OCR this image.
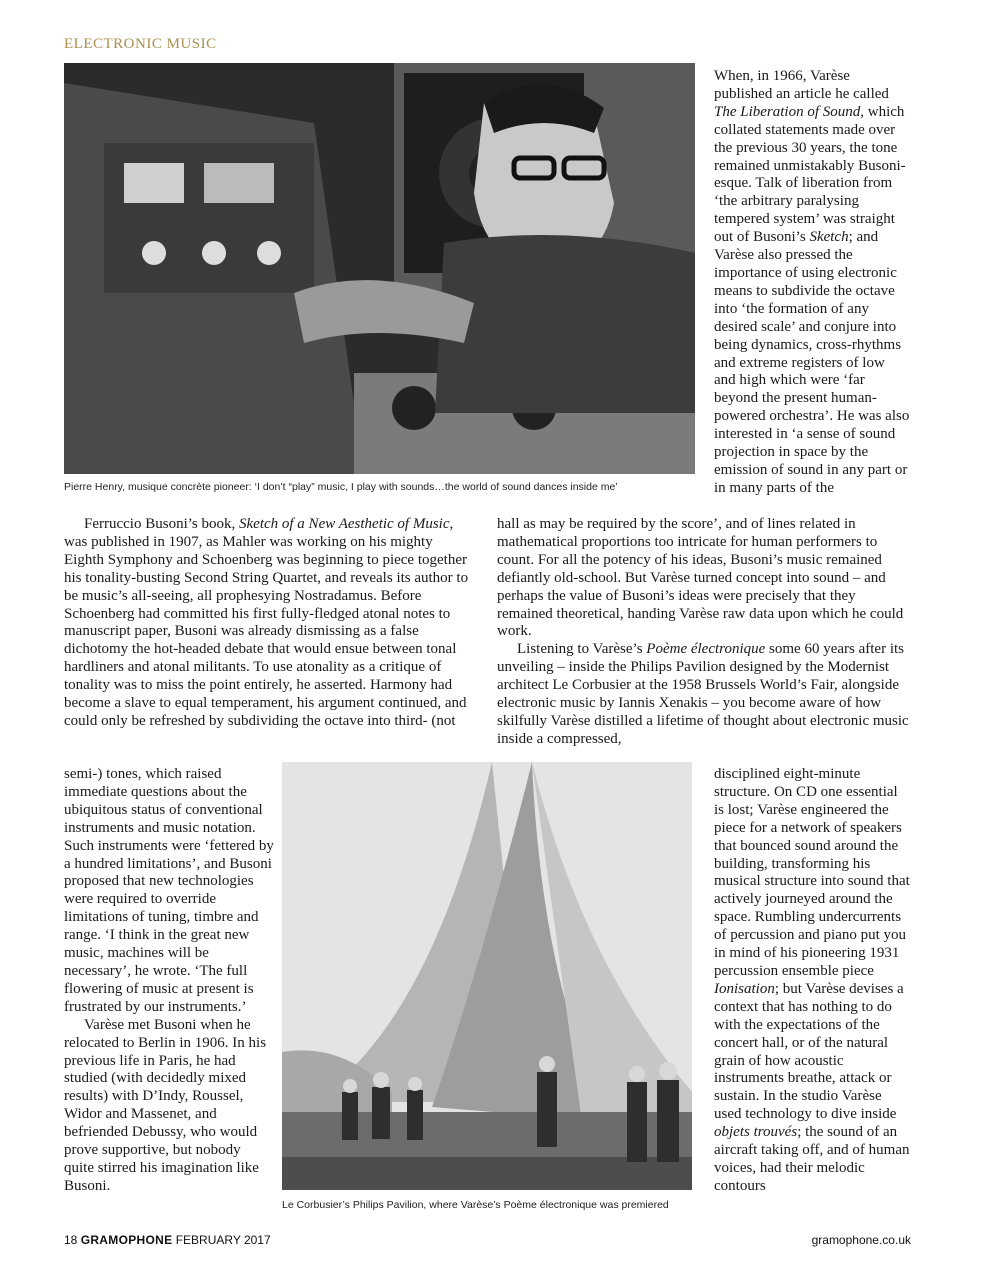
ELECTRONIC MUSIC
Pierre Henry, musique concrète pioneer: ‘I don’t “play” music, I play with sounds…the world of sound dances inside me’

When, in 1966, Varèse published an article he called The Liberation of Sound, which collated statements made over the previous 30 years, the tone remained unmistakably Busoni-esque. Talk of liberation from ‘the arbitrary paralysing tempered system’ was straight out of Busoni’s Sketch; and Varèse also pressed the importance of using electronic means to subdivide the octave into ‘the formation of any desired scale’ and conjure into being dynamics, cross-rhythms and extreme registers of low and high which were ‘far beyond the present human-powered orchestra’. He was also interested in ‘a sense of sound projection in space by the emission of sound in any part or in many parts of the

Ferruccio Busoni’s book, Sketch of a New Aesthetic of Music, was published in 1907, as Mahler was working on his mighty Eighth Symphony and Schoenberg was beginning to piece together his tonality-busting Second String Quartet, and reveals its author to be music’s all-seeing, all prophesying Nostradamus. Before Schoenberg had committed his first fully-fledged atonal notes to manuscript paper, Busoni was already dismissing as a false dichotomy the hot-headed debate that would ensue between tonal hardliners and atonal militants. To use atonality as a critique of tonality was to miss the point entirely, he asserted. Harmony had become a slave to equal temperament, his argument continued, and could only be refreshed by subdividing the octave into third- (not

semi-) tones, which raised immediate questions about the ubiquitous status of conventional instruments and music notation. Such instruments were ‘fettered by a hundred limitations’, and Busoni proposed that new technologies were required to override limitations of tuning, timbre and range. ‘I think in the great new music, machines will be necessary’, he wrote. ‘The full flowering of music at present is frustrated by our instruments.’

Varèse met Busoni when he relocated to Berlin in 1906. In his previous life in Paris, he had studied (with decidedly mixed results) with D’Indy, Roussel, Widor and Massenet, and befriended Debussy, who would prove supportive, but nobody quite stirred his imagination like Busoni.

hall as may be required by the score’, and of lines related in mathematical proportions too intricate for human performers to count. For all the potency of his ideas, Busoni’s music remained defiantly old-school. But Varèse turned concept into sound – and perhaps the value of Busoni’s ideas were precisely that they remained theoretical, handing Varèse raw data upon which he could work.

Listening to Varèse’s Poème électronique some 60 years after its unveiling – inside the Philips Pavilion designed by the Modernist architect Le Corbusier at the 1958 Brussels World’s Fair, alongside electronic music by Iannis Xenakis – you become aware of how skilfully Varèse distilled a lifetime of thought about electronic music inside a compressed,

Le Corbusier’s Philips Pavilion, where Varèse’s Poème électronique was premiered

disciplined eight-minute structure. On CD one essential is lost; Varèse engineered the piece for a network of speakers that bounced sound around the building, transforming his musical structure into sound that actively journeyed around the space. Rumbling undercurrents of percussion and piano put you in mind of his pioneering 1931 percussion ensemble piece Ionisation; but Varèse devises a context that has nothing to do with the expectations of the concert hall, or of the natural grain of how acoustic instruments breathe, attack or sustain. In the studio Varèse used technology to dive inside objets trouvés; the sound of an aircraft taking off, and of human voices, had their melodic contours

18 GRAMOPHONE FEBRUARY 2017	gramophone.co.uk
